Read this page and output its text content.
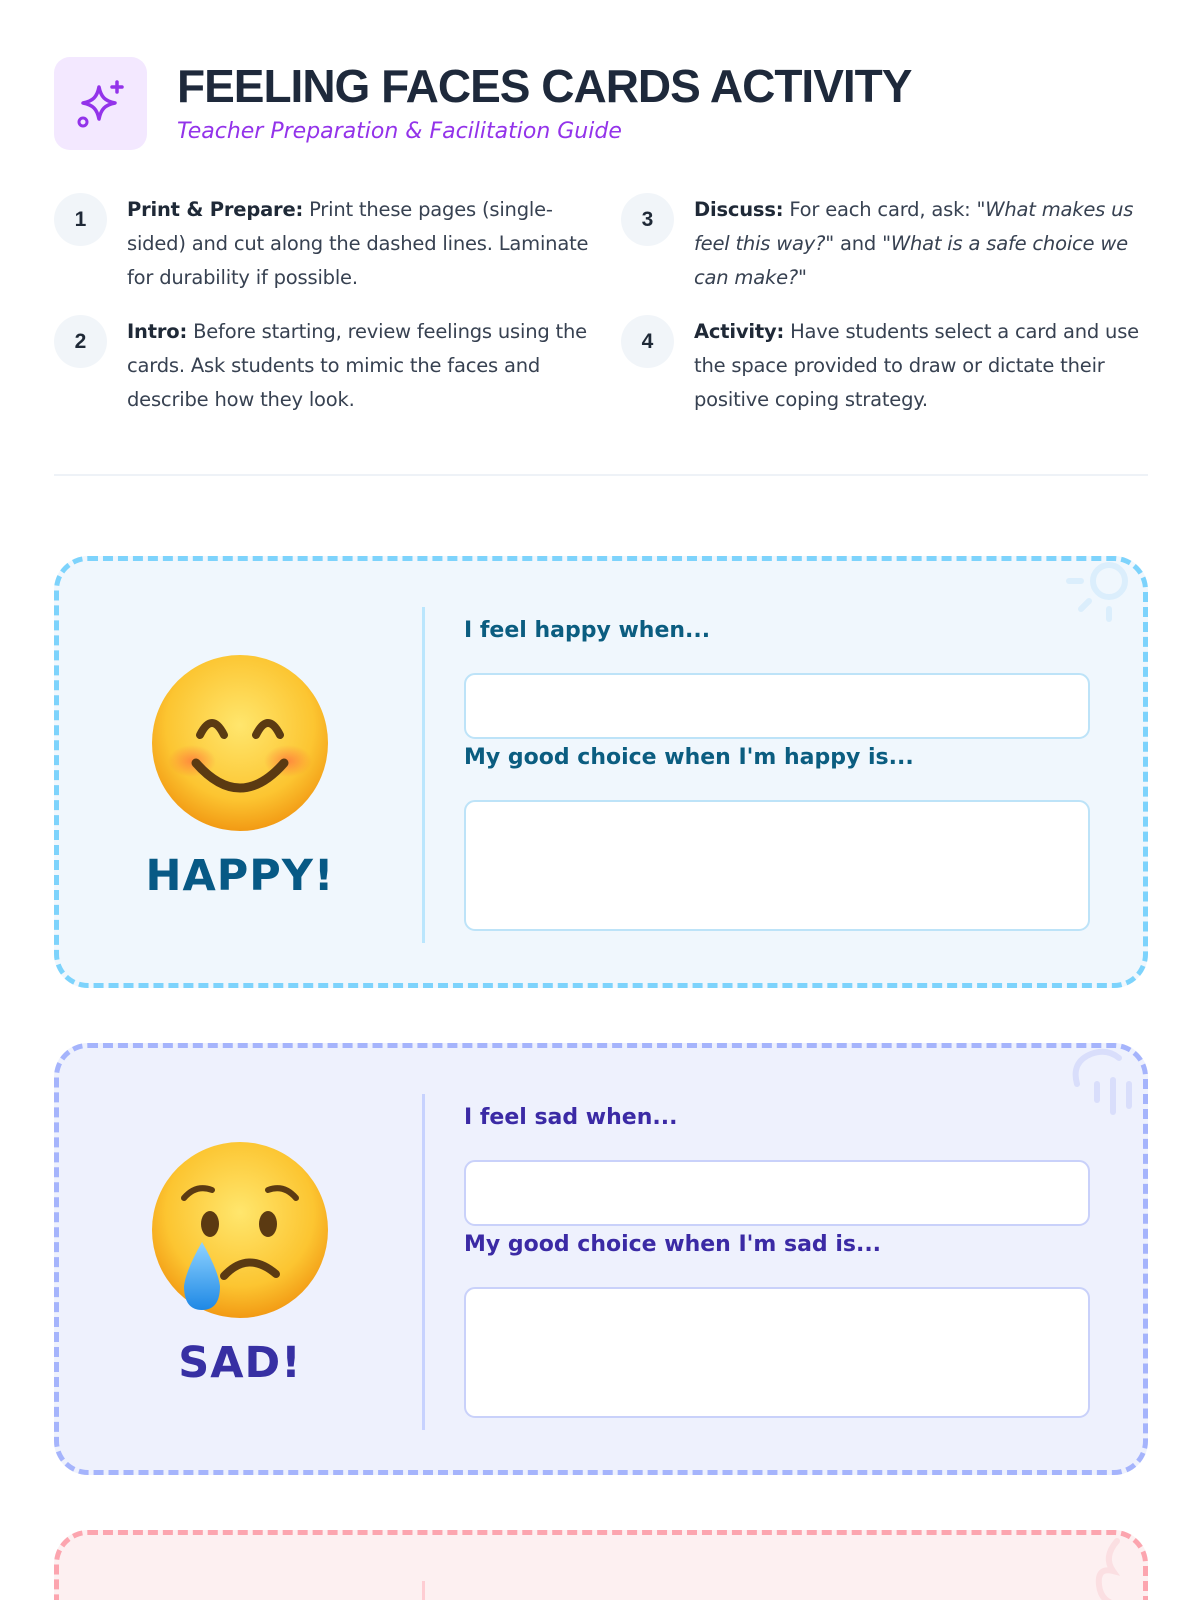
FEELING FACES CARDS ACTIVITY
Teacher Preparation & Facilitation Guide
1	Print & Prepare: Print these pages (single-sided) and cut along the dashed lines. Laminate for durability if possible.
3	Discuss: For each card, ask: "What makes us feel this way?" and "What is a safe choice we can make?"
2	Intro: Before starting, review feelings using the cards. Ask students to mimic the faces and describe how they look.
4	Activity: Have students select a card and use the space provided to draw or dictate their positive coping strategy.
HAPPY!
I feel happy when...
My good choice when I'm happy is...
SAD!
I feel sad when...
My good choice when I'm sad is...
